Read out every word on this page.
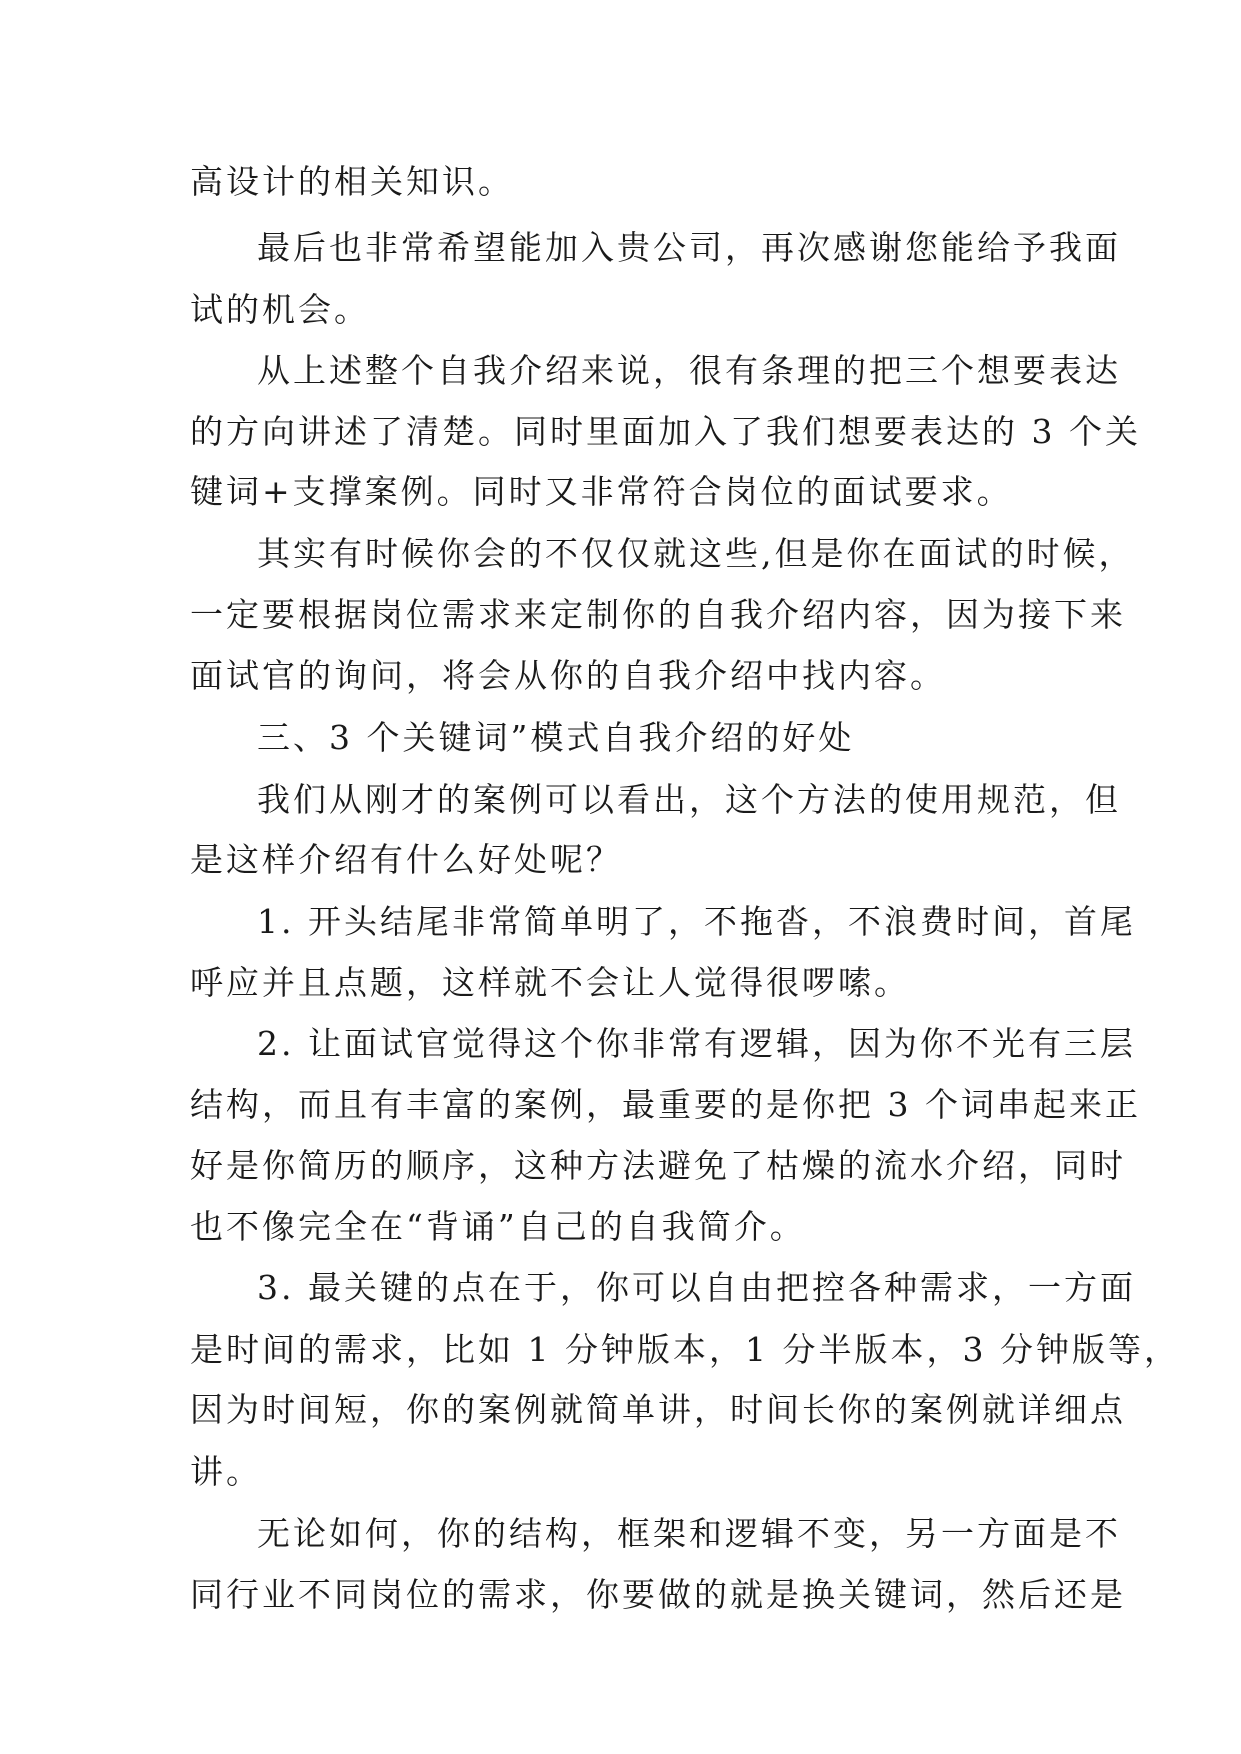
高设计的相关知识。
最后也非常希望能加入贵公司，再次感谢您能给予我面
试的机会。
从上述整个自我介绍来说，很有条理的把三个想要表达
的方向讲述了清楚。同时里面加入了我们想要表达的 3 个关
键词+支撑案例。同时又非常符合岗位的面试要求。
其实有时候你会的不仅仅就这些,但是你在面试的时候，
一定要根据岗位需求来定制你的自我介绍内容，因为接下来
面试官的询问，将会从你的自我介绍中找内容。
三、3 个关键词”模式自我介绍的好处
我们从刚才的案例可以看出，这个方法的使用规范，但
是这样介绍有什么好处呢？
1. 开头结尾非常简单明了，不拖沓，不浪费时间，首尾
呼应并且点题，这样就不会让人觉得很啰嗦。
2. 让面试官觉得这个你非常有逻辑，因为你不光有三层
结构，而且有丰富的案例，最重要的是你把 3 个词串起来正
好是你简历的顺序，这种方法避免了枯燥的流水介绍，同时
也不像完全在“背诵”自己的自我简介。
3. 最关键的点在于，你可以自由把控各种需求，一方面
是时间的需求，比如 1 分钟版本，1 分半版本，3 分钟版等，
因为时间短，你的案例就简单讲，时间长你的案例就详细点
讲。
无论如何，你的结构，框架和逻辑不变，另一方面是不
同行业不同岗位的需求，你要做的就是换关键词，然后还是
